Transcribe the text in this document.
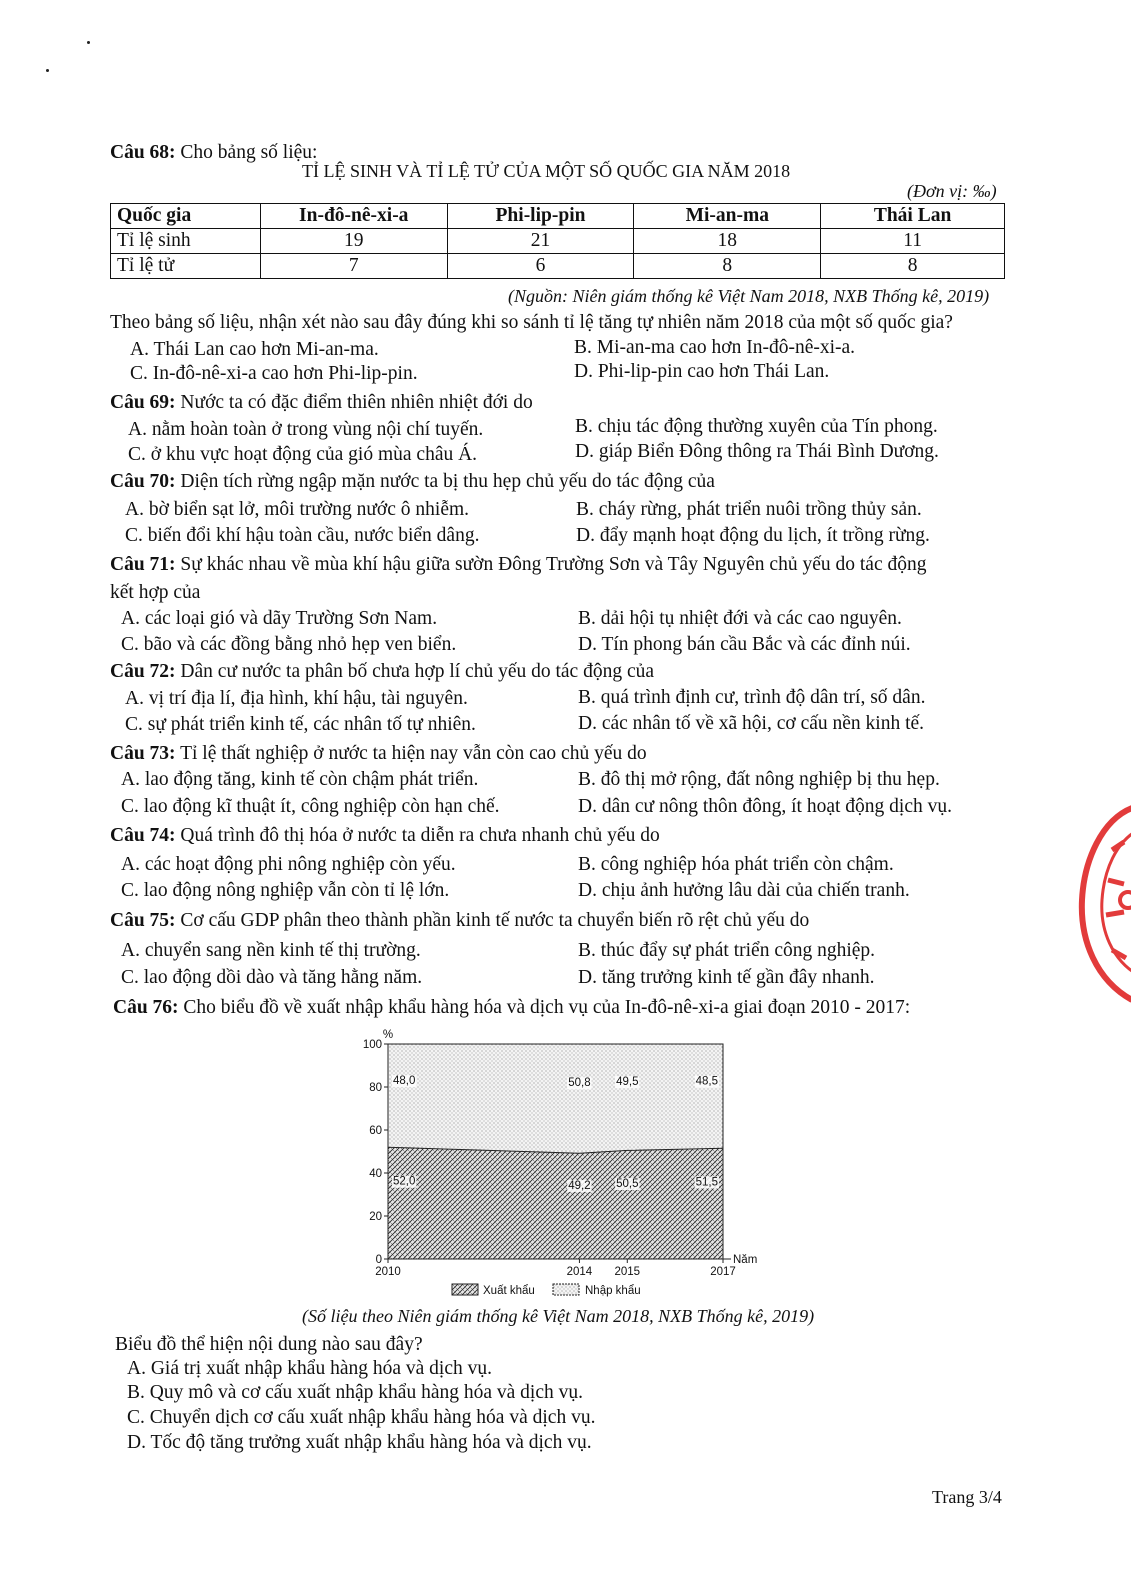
Câu 68: Cho bảng số liệu:
TỈ LỆ SINH VÀ TỈ LỆ TỬ CỦA MỘT SỐ QUỐC GIA NĂM 2018
(Đơn vị: ‰)
Quốc gia	In-đô-nê-xi-a	Phi-lip-pin	Mi-an-ma	Thái Lan
Tỉ lệ sinh	19	21	18	11
Tỉ lệ tử	7	6	8	8
(Nguồn: Niên giám thống kê Việt Nam 2018, NXB Thống kê, 2019)
Theo bảng số liệu, nhận xét nào sau đây đúng khi so sánh tỉ lệ tăng tự nhiên năm 2018 của một số quốc gia?
A. Thái Lan cao hơn Mi-an-ma.	B. Mi-an-ma cao hơn In-đô-nê-xi-a.
C. In-đô-nê-xi-a cao hơn Phi-lip-pin.	D. Phi-lip-pin cao hơn Thái Lan.
Câu 69: Nước ta có đặc điểm thiên nhiên nhiệt đới do
A. nằm hoàn toàn ở trong vùng nội chí tuyến.	B. chịu tác động thường xuyên của Tín phong.
C. ở khu vực hoạt động của gió mùa châu Á.	D. giáp Biển Đông thông ra Thái Bình Dương.
Câu 70: Diện tích rừng ngập mặn nước ta bị thu hẹp chủ yếu do tác động của
A. bờ biển sạt lở, môi trường nước ô nhiễm.	B. cháy rừng, phát triển nuôi trồng thủy sản.
C. biến đổi khí hậu toàn cầu, nước biển dâng.	D. đẩy mạnh hoạt động du lịch, ít trồng rừng.
Câu 71: Sự khác nhau về mùa khí hậu giữa sườn Đông Trường Sơn và Tây Nguyên chủ yếu do tác động
kết hợp của
A. các loại gió và dãy Trường Sơn Nam.	B. dải hội tụ nhiệt đới và các cao nguyên.
C. bão và các đồng bằng nhỏ hẹp ven biển.	D. Tín phong bán cầu Bắc và các đỉnh núi.
Câu 72: Dân cư nước ta phân bố chưa hợp lí chủ yếu do tác động của
A. vị trí địa lí, địa hình, khí hậu, tài nguyên.	B. quá trình định cư, trình độ dân trí, số dân.
C. sự phát triển kinh tế, các nhân tố tự nhiên.	D. các nhân tố về xã hội, cơ cấu nền kinh tế.
Câu 73: Tỉ lệ thất nghiệp ở nước ta hiện nay vẫn còn cao chủ yếu do
A. lao động tăng, kinh tế còn chậm phát triển.	B. đô thị mở rộng, đất nông nghiệp bị thu hẹp.
C. lao động kĩ thuật ít, công nghiệp còn hạn chế.	D. dân cư nông thôn đông, ít hoạt động dịch vụ.
Câu 74: Quá trình đô thị hóa ở nước ta diễn ra chưa nhanh chủ yếu do
A. các hoạt động phi nông nghiệp còn yếu.	B. công nghiệp hóa phát triển còn chậm.
C. lao động nông nghiệp vẫn còn tỉ lệ lớn.	D. chịu ảnh hưởng lâu dài của chiến tranh.
Câu 75: Cơ cấu GDP phân theo thành phần kinh tế nước ta chuyển biến rõ rệt chủ yếu do
A. chuyển sang nền kinh tế thị trường.	B. thúc đẩy sự phát triển công nghiệp.
C. lao động dồi dào và tăng hằng năm.	D. tăng trưởng kinh tế gần đây nhanh.
Câu 76: Cho biểu đồ về xuất nhập khẩu hàng hóa và dịch vụ của In-đô-nê-xi-a giai đoạn 2010 - 2017:
0
20
40
60
80
100
%
2010	2014 2015	2017
Năm
48,0
52,0
50,8
49,2
49,5
50,5
48,5
51,5
Xuất khẩu	Nhập khẩu
(Số liệu theo Niên giám thống kê Việt Nam 2018, NXB Thống kê, 2019)
Biểu đồ thể hiện nội dung nào sau đây?
A. Giá trị xuất nhập khẩu hàng hóa và dịch vụ.
B. Quy mô và cơ cấu xuất nhập khẩu hàng hóa và dịch vụ.
C. Chuyển dịch cơ cấu xuất nhập khẩu hàng hóa và dịch vụ.
D. Tốc độ tăng trưởng xuất nhập khẩu hàng hóa và dịch vụ.
Trang 3/4
